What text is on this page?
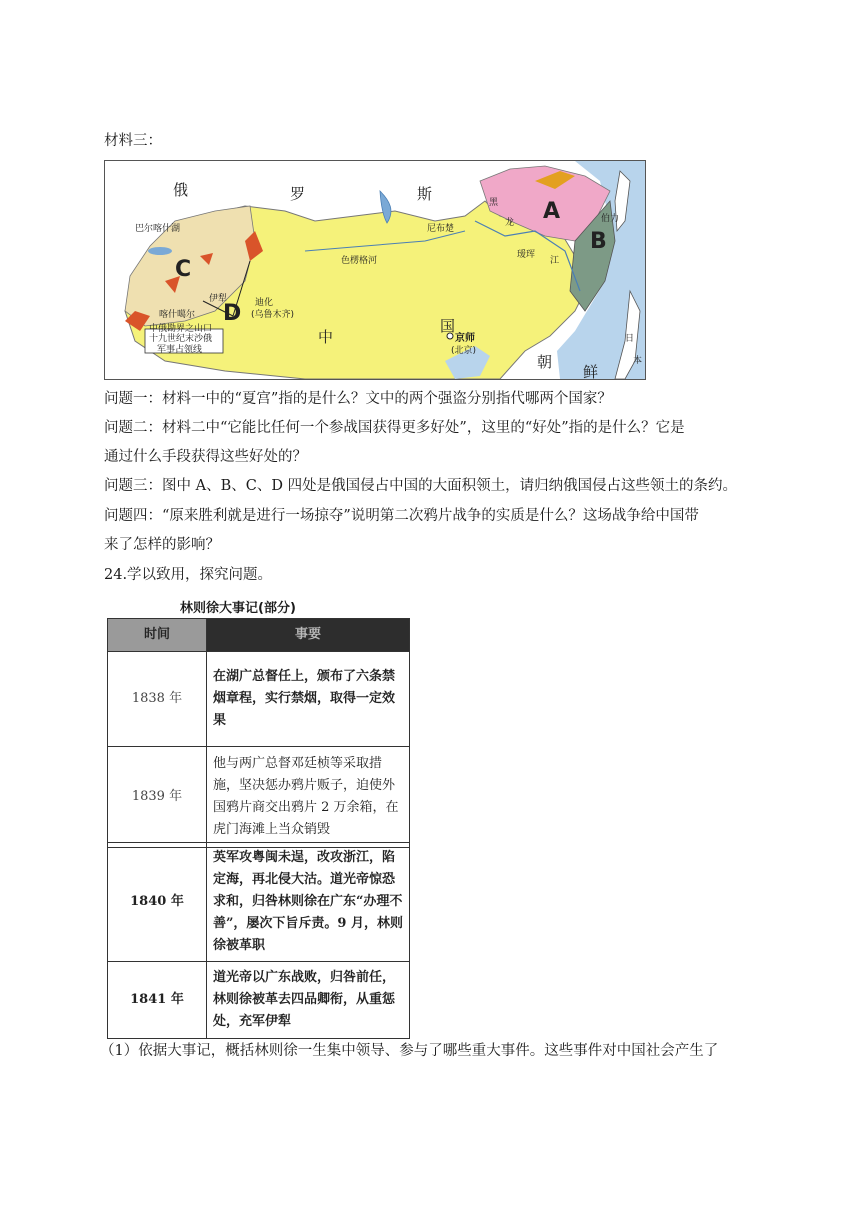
材料三：
俄	罗	斯
尼布楚
黑
龙
瑷珲
江
伯力
色楞格河
中
国
京师
(北京)
朝
鲜
日
本
迪化
(乌鲁木齐)
伊犁
喀什噶尔
巴尔喀什湖
中俄勘界之山口
十九世纪末沙俄
军事占领线
A
B
C
D
问题一：材料一中的“夏宫”指的是什么？文中的两个强盗分别指代哪两个国家？
问题二：材料二中“它能比任何一个参战国获得更多好处”，这里的“好处”指的是什么？它是
通过什么手段获得这些好处的？
问题三：图中 A、B、C、D 四处是俄国侵占中国的大面积领土，请归纳俄国侵占这些领土的条约。
问题四：“原来胜利就是进行一场掠夺”说明第二次鸦片战争的实质是什么？这场战争给中国带
来了怎样的影响？
24.学以致用，探究问题。
林则徐大事记(部分)
时间	事要
1838 年	在湖广总督任上，颁布了六条禁烟章程，实行禁烟，取得一定效果
1839 年	他与两广总督邓廷桢等采取措施，坚决惩办鸦片贩子，迫使外国鸦片商交出鸦片 2 万余箱，在虎门海滩上当众销毁
1840 年	英军攻粤闽未逞，改攻浙江，陷定海，再北侵大沽。道光帝惊恐求和，归咎林则徐在广东“办理不善”，屡次下旨斥责。9 月，林则徐被革职
1841 年	道光帝以广东战败，归咎前任，林则徐被革去四品卿衔，从重惩处，充军伊犁
（1）依据大事记，概括林则徐一生集中领导、参与了哪些重大事件。这些事件对中国社会产生了
